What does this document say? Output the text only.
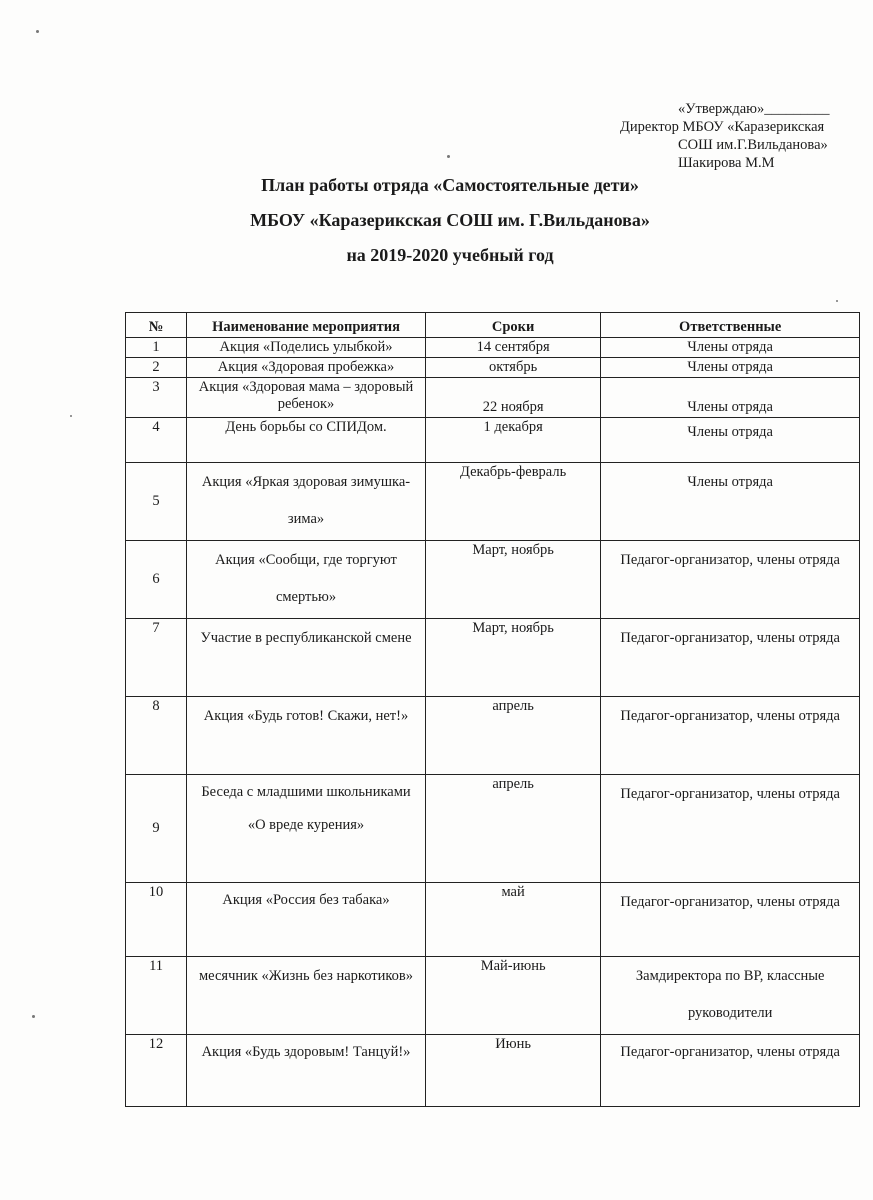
«Утверждаю»_________
Директор МБОУ «Каразерикская
СОШ им.Г.Вильданова»
Шакирова М.М
План работы отряда «Самостоятельные дети»
МБОУ «Каразерикская СОШ им. Г.Вильданова»
на 2019-2020 учебный год
№	Наименование мероприятия	Сроки	Ответственные
1	Акция «Поделись улыбкой»	14 сентября	Члены отряда
2	Акция «Здоровая пробежка»	октябрь	Члены отряда
3	Акция «Здоровая мама – здоровый ребенок»	22 ноября	Члены отряда
4	День борьбы со СПИДом.	1 декабря	Члены отряда
5	Акция «Яркая здоровая зимушка-зима»	Декабрь-февраль	Члены отряда
6	Акция «Сообщи, где торгуют смертью»	Март, ноябрь	Педагог-организатор, члены отряда
7	Участие в республиканской смене	Март, ноябрь	Педагог-организатор, члены отряда
8	Акция «Будь готов! Скажи, нет!»	апрель	Педагог-организатор, члены отряда
9	Беседа с младшими школьниками «О вреде курения»	апрель	Педагог-организатор, члены отряда
10	Акция «Россия без табака»	май	Педагог-организатор, члены отряда
11	месячник «Жизнь без наркотиков»	Май-июнь	Замдиректора по ВР, классные руководители
12	Акция «Будь здоровым! Танцуй!»	Июнь	Педагог-организатор, члены отряда
